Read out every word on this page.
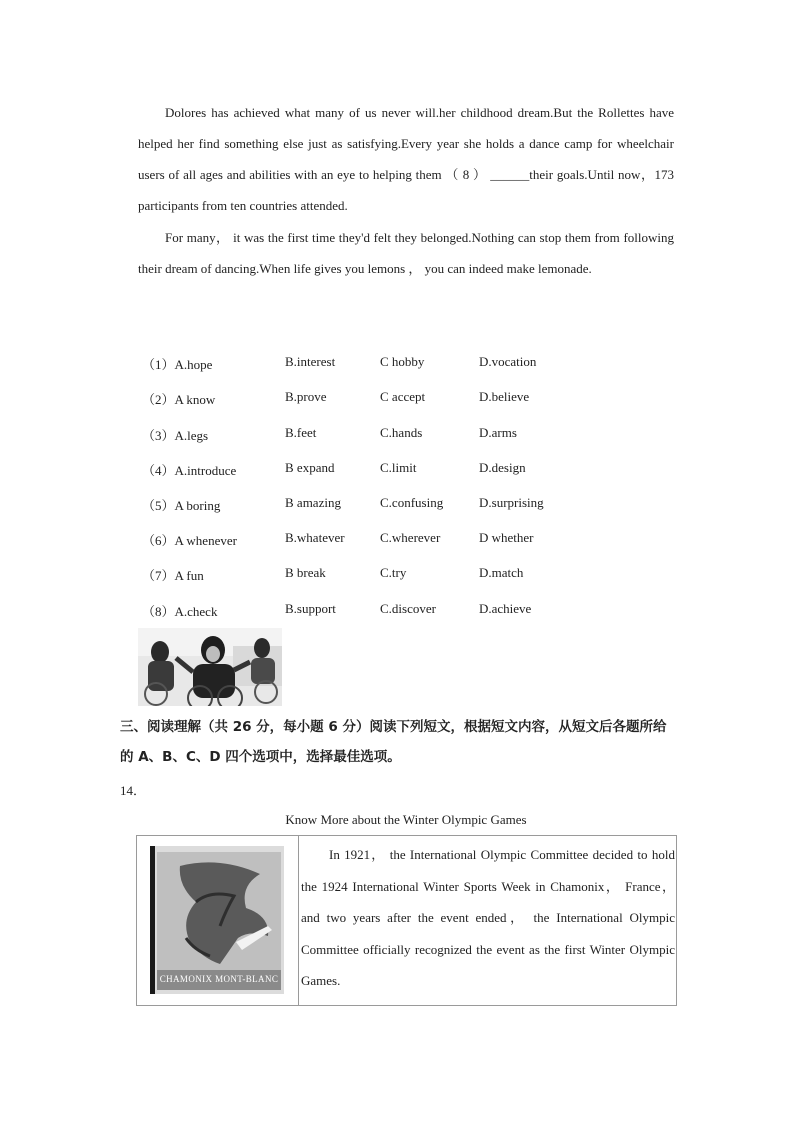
Dolores has achieved what many of us never will.her childhood dream.But the Rollettes have helped her find something else just as satisfying.Every year she holds a dance camp for wheelchair users of all ages and abilities with an eye to helping them （ 8 ） ______their goals.Until now，173 participants from ten countries attended.

For many， it was the first time they'd felt they belonged.Nothing can stop them from following their dream of dancing.When life gives you lemons ， you can indeed make lemonade.

（1）A.hope	B.interest	C hobby	D.vocation
（2）A know	B.prove	C accept	D.believe
（3）A.legs	B.feet	C.hands	D.arms
（4）A.introduce	B expand	C.limit	D.design
（5）A boring	B amazing	C.confusing	D.surprising
（6）A whenever	B.whatever	C.wherever	D whether
（7）A fun	B break	C.try	D.match
（8）A.check	B.support	C.discover	D.achieve

三、阅读理解（共 26 分，每小题 6 分）阅读下列短文，根据短文内容，从短文后各题所给的 A、B、C、D 四个选项中，选择最佳选项。

14．
Know More about the Winter Olympic Games
CHAMONIX MONT-BLANC

In 1921， the International Olympic Committee decided to hold the 1924 International Winter Sports Week in Chamonix， France， and two years after the event ended， the International Olympic Committee officially recognized the event as the first Winter Olympic Games.
